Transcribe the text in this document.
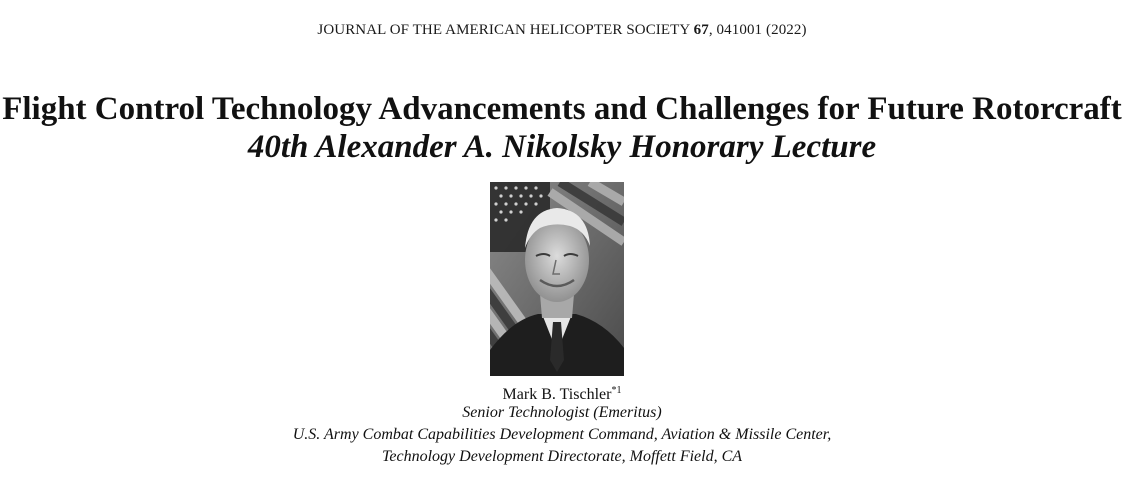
JOURNAL OF THE AMERICAN HELICOPTER SOCIETY 67, 041001 (2022)
Flight Control Technology Advancements and Challenges for Future Rotorcraft
40th Alexander A. Nikolsky Honorary Lecture
Mark B. Tischler$^{*1}$
Senior Technologist (Emeritus)
U.S. Army Combat Capabilities Development Command, Aviation & Missile Center,
Technology Development Directorate, Moffett Field, CA
